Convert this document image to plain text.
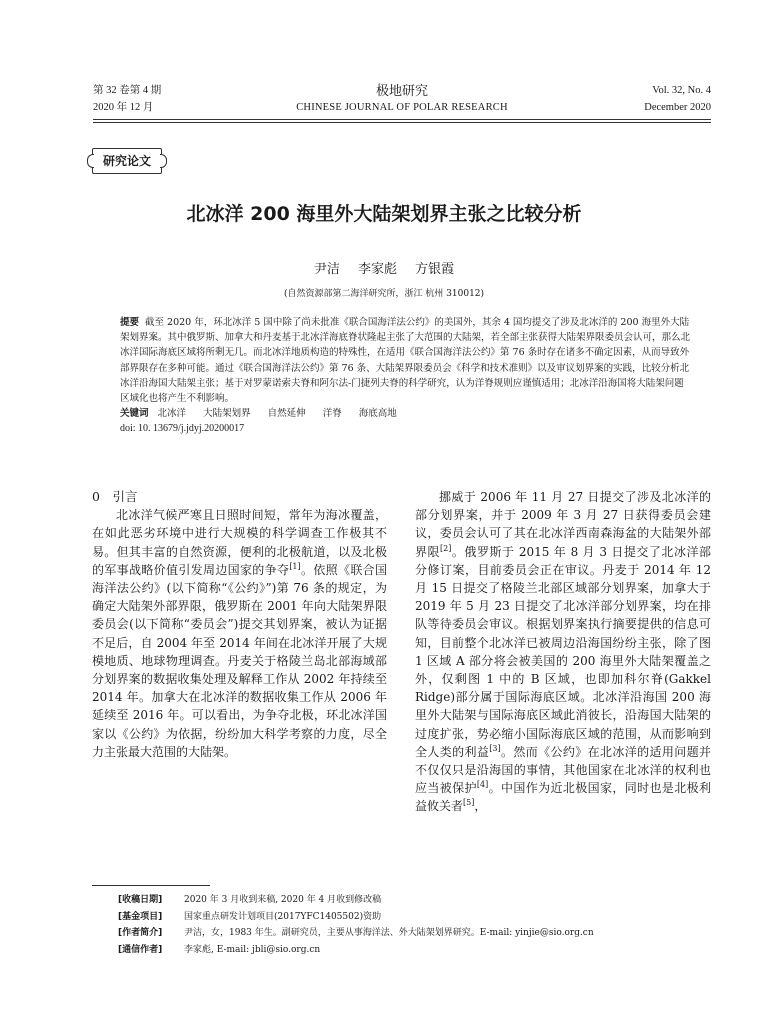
第 32 卷第 4 期
2020 年 12 月
极地研究
CHINESE JOURNAL OF POLAR RESEARCH
Vol. 32, No. 4
December 2020
研究论文
北冰洋 200 海里外大陆架划界主张之比较分析
尹洁 李家彪 方银霞
(自然资源部第二海洋研究所，浙江 杭州 310012)

提要 截至 2020 年，环北冰洋 5 国中除了尚未批准《联合国海洋法公约》的美国外，其余 4 国均提交了涉及北冰洋的 200 海里外大陆架划界案。其中俄罗斯、加拿大和丹麦基于北冰洋海底脊状隆起主张了大范围的大陆架，若全部主张获得大陆架界限委员会认可，那么北冰洋国际海底区域将所剩无几。而北冰洋地质构造的特殊性，在适用《联合国海洋法公约》第 76 条时存在诸多不确定因素，从而导致外部界限存在多种可能。通过《联合国海洋法公约》第 76 条、大陆架界限委员会《科学和技术准则》以及审议划界案的实践，比较分析北冰洋沿海国大陆架主张；基于对罗蒙诺索夫脊和阿尔法-门捷列夫脊的科学研究，认为洋脊规则应谨慎适用；北冰洋沿海国将大陆架问题区域化也将产生不利影响。

关键词 北冰洋 大陆架划界 自然延伸 洋脊 海底高地

doi: 10. 13679/j.jdyj.20200017

0　引言

北冰洋气候严寒且日照时间短，常年为海冰覆盖，在如此恶劣环境中进行大规模的科学调查工作极其不易。但其丰富的自然资源，便利的北极航道，以及北极的军事战略价值引发周边国家的争夺[1]。依照《联合国海洋法公约》(以下简称“《公约》”)第 76 条的规定，为确定大陆架外部界限，俄罗斯在 2001 年向大陆架界限委员会(以下简称“委员会”)提交其划界案，被认为证据不足后，自 2004 年至 2014 年间在北冰洋开展了大规模地质、地球物理调查。丹麦关于格陵兰岛北部海域部分划界案的数据收集处理及解释工作从 2002 年持续至 2014 年。加拿大在北冰洋的数据收集工作从 2006 年延续至 2016 年。可以看出，为争夺北极，环北冰洋国家以《公约》为依据，纷纷加大科学考察的力度，尽全力主张最大范围的大陆架。

挪威于 2006 年 11 月 27 日提交了涉及北冰洋的部分划界案，并于 2009 年 3 月 27 日获得委员会建议，委员会认可了其在北冰洋西南森海盆的大陆架外部界限[2]。俄罗斯于 2015 年 8 月 3 日提交了北冰洋部分修订案，目前委员会正在审议。丹麦于 2014 年 12 月 15 日提交了格陵兰北部区域部分划界案，加拿大于 2019 年 5 月 23 日提交了北冰洋部分划界案，均在排队等待委员会审议。根据划界案执行摘要提供的信息可知，目前整个北冰洋已被周边沿海国纷纷主张，除了图 1 区域 A 部分将会被美国的 200 海里外大陆架覆盖之外，仅剩图 1 中的 B 区域，也即加科尔脊(Gakkel Ridge)部分属于国际海底区域。北冰洋沿海国 200 海里外大陆架与国际海底区域此消彼长，沿海国大陆架的过度扩张，势必缩小国际海底区域的范围，从而影响到全人类的利益[3]。然而《公约》在北冰洋的适用问题并不仅仅只是沿海国的事情，其他国家在北冰洋的权利也应当被保护[4]。中国作为近北极国家，同时也是北极利益攸关者[5]，

[收稿日期]	2020 年 3 月收到来稿, 2020 年 4 月收到修改稿
[基金项目]	国家重点研发计划项目(2017YFC1405502)资助
[作者简介]	尹洁，女，1983 年生。副研究员，主要从事海洋法、外大陆架划界研究。E-mail: yinjie@sio.org.cn
[通信作者]	李家彪, E-mail: jbli@sio.org.cn
